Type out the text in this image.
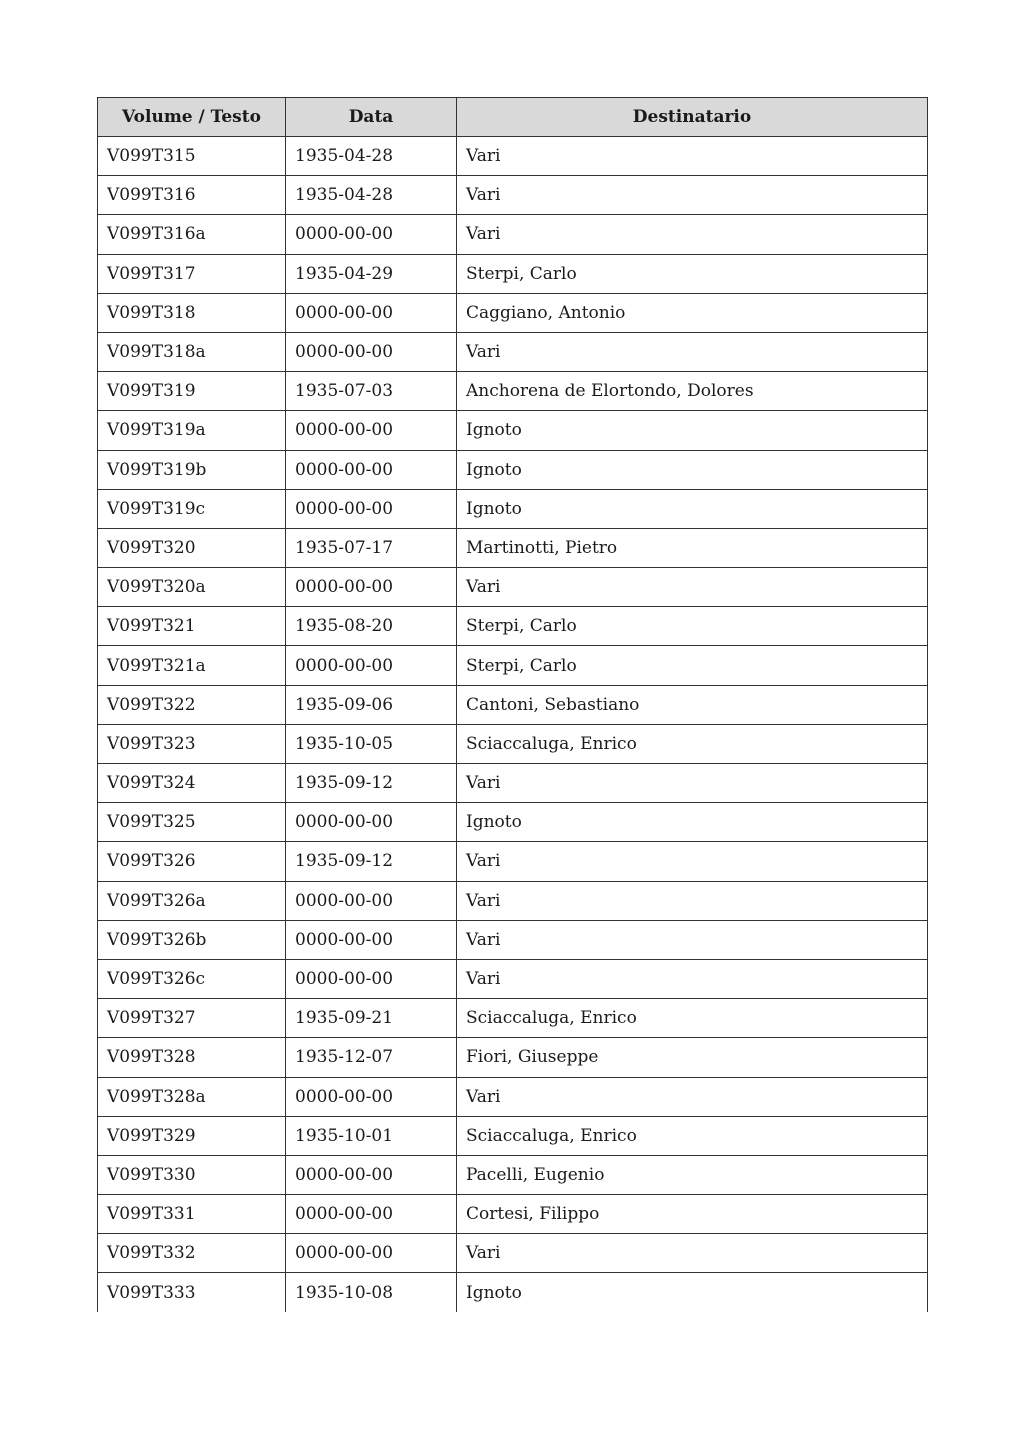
Volume / Testo	Data	Destinatario
V099T315	1935-04-28	Vari
V099T316	1935-04-28	Vari
V099T316a	0000-00-00	Vari
V099T317	1935-04-29	Sterpi, Carlo
V099T318	0000-00-00	Caggiano, Antonio
V099T318a	0000-00-00	Vari
V099T319	1935-07-03	Anchorena de Elortondo, Dolores
V099T319a	0000-00-00	Ignoto
V099T319b	0000-00-00	Ignoto
V099T319c	0000-00-00	Ignoto
V099T320	1935-07-17	Martinotti, Pietro
V099T320a	0000-00-00	Vari
V099T321	1935-08-20	Sterpi, Carlo
V099T321a	0000-00-00	Sterpi, Carlo
V099T322	1935-09-06	Cantoni, Sebastiano
V099T323	1935-10-05	Sciaccaluga, Enrico
V099T324	1935-09-12	Vari
V099T325	0000-00-00	Ignoto
V099T326	1935-09-12	Vari
V099T326a	0000-00-00	Vari
V099T326b	0000-00-00	Vari
V099T326c	0000-00-00	Vari
V099T327	1935-09-21	Sciaccaluga, Enrico
V099T328	1935-12-07	Fiori, Giuseppe
V099T328a	0000-00-00	Vari
V099T329	1935-10-01	Sciaccaluga, Enrico
V099T330	0000-00-00	Pacelli, Eugenio
V099T331	0000-00-00	Cortesi, Filippo
V099T332	0000-00-00	Vari
V099T333	1935-10-08	Ignoto
